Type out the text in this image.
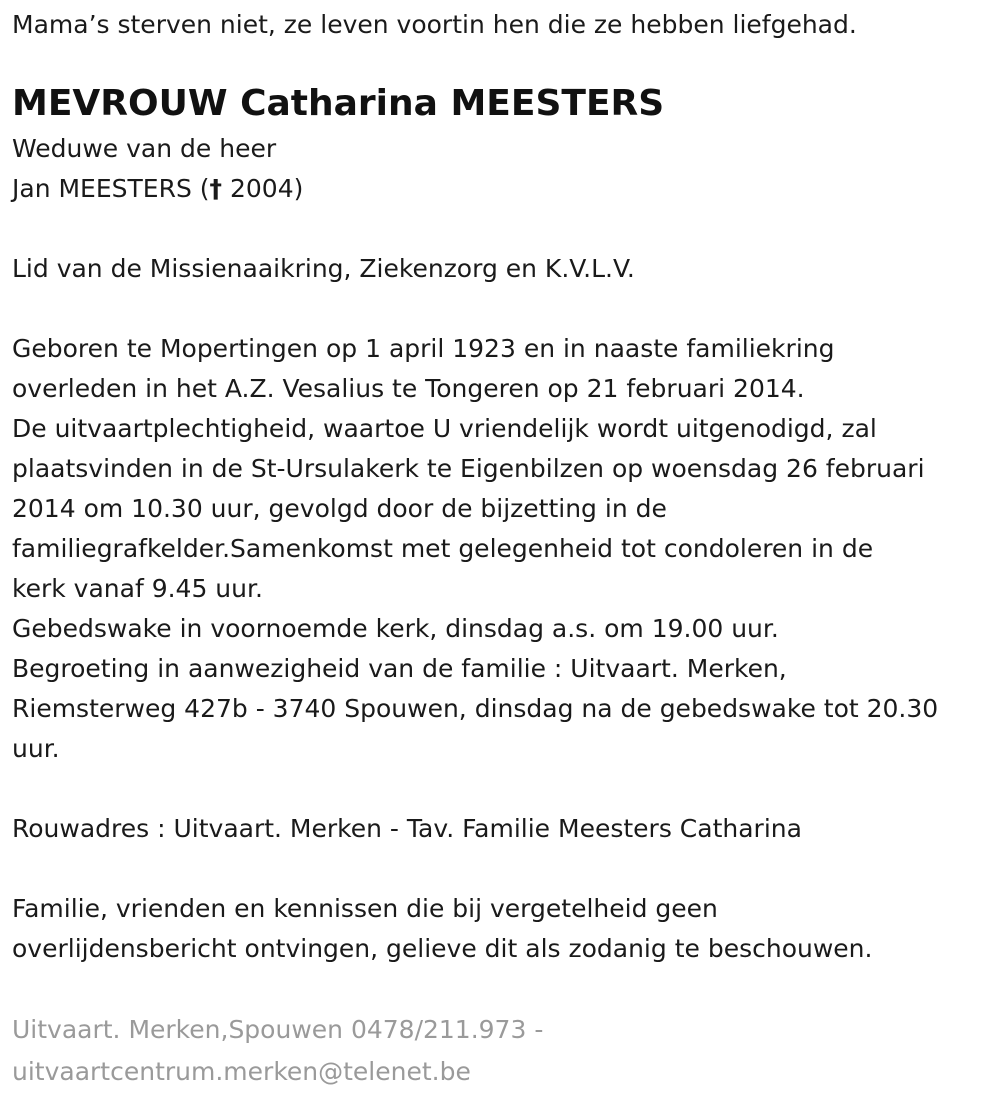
Mama’s sterven niet, ze leven voortin hen die ze hebben liefgehad.
MEVROUW Catharina MEESTERS
Weduwe van de heer
Jan MEESTERS († 2004)
Lid van de Missienaaikring, Ziekenzorg en K.V.L.V.
Geboren te Mopertingen op 1 april 1923 en in naaste familiekring
overleden in het A.Z. Vesalius te Tongeren op 21 februari 2014.
De uitvaartplechtigheid, waartoe U vriendelijk wordt uitgenodigd, zal
plaatsvinden in de St-Ursulakerk te Eigenbilzen op woensdag 26 februari
2014 om 10.30 uur, gevolgd door de bijzetting in de
familiegrafkelder.Samenkomst met gelegenheid tot condoleren in de
kerk vanaf 9.45 uur.
Gebedswake in voornoemde kerk, dinsdag a.s. om 19.00 uur.
Begroeting in aanwezigheid van de familie : Uitvaart. Merken,
Riemsterweg 427b - 3740 Spouwen, dinsdag na de gebedswake tot 20.30
uur.
Rouwadres : Uitvaart. Merken - Tav. Familie Meesters Catharina
Familie, vrienden en kennissen die bij vergetelheid geen
overlijdensbericht ontvingen, gelieve dit als zodanig te beschouwen.
Uitvaart. Merken,Spouwen 0478/211.973 -
uitvaartcentrum.merken@telenet.be
